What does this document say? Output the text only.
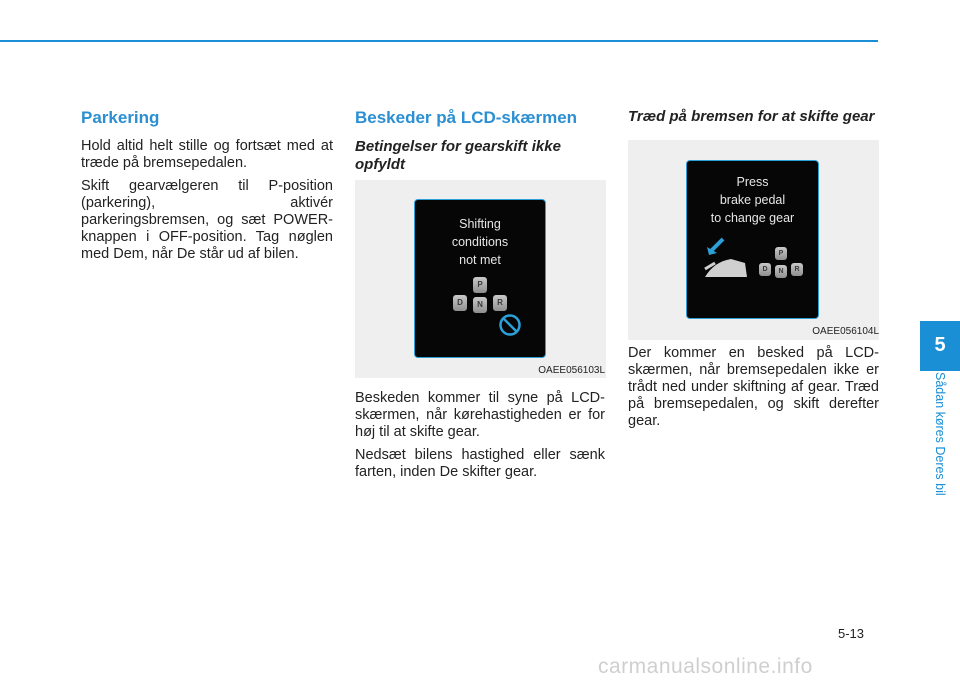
Parkering

Hold altid helt stille og fortsæt med at træde på bremsepedalen.

Skift gearvælgeren til P-position (parkering), aktivér parkeringsbremsen, og sæt POWER-knappen i OFF-position. Tag nøglen med Dem, når De står ud af bilen.

Beskeder på LCD-skærmen
Betingelser for gearskift ikke opfyldt
Shifting
conditions
not met
P
D	N	R
OAEE056103L

Beskeden kommer til syne på LCD-skærmen, når kørehastigheden er for høj til at skifte gear.

Nedsæt bilens hastighed eller sænk farten, inden De skifter gear.

Træd på bremsen for at skifte gear
Press
brake pedal
to change gear
P
D	N	R
OAEE056104L

Der kommer en besked på LCD-skærmen, når bremsepedalen ikke er trådt ned under skiftning af gear. Træd på bremsepedalen, og skift derefter gear.

5
Sådan køres Deres bil
5-13
carmanualsonline.info
